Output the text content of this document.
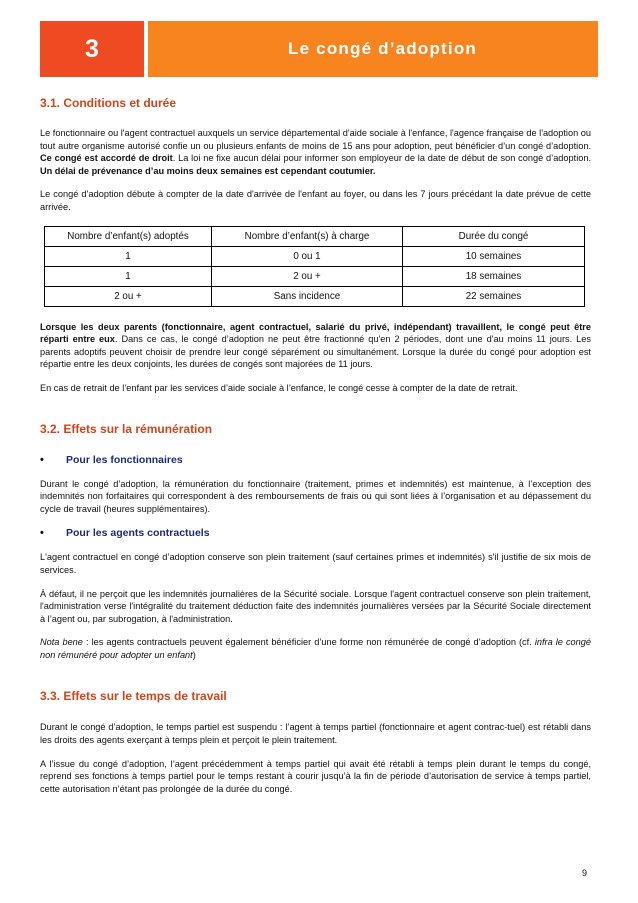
3	Le congé d’adoption
3.1. Conditions et durée

Le fonctionnaire ou l'agent contractuel auxquels un service départemental d'aide sociale à l'enfance, l'agence française de l'adoption ou tout autre organisme autorisé confie un ou plusieurs enfants de moins de 15 ans pour adoption, peut bénéficier d’un congé d’adoption. Ce congé est accordé de droit. La loi ne fixe aucun délai pour informer son employeur de la date de début de son congé d’adoption. Un délai de prévenance d’au moins deux semaines est cependant coutumier.

Le congé d’adoption débute à compter de la date d'arrivée de l'enfant au foyer, ou dans les 7 jours précédant la date prévue de cette arrivée.

Nombre d’enfant(s) adoptés	Nombre d’enfant(s) à charge	Durée du congé
1	0 ou 1	10 semaines
1	2 ou +	18 semaines
2 ou +	Sans incidence	22 semaines

Lorsque les deux parents (fonctionnaire, agent contractuel, salarié du privé, indépendant) travaillent, le congé peut être réparti entre eux. Dans ce cas, le congé d’adoption ne peut être fractionné qu'en 2 périodes, dont une d'au moins 11 jours. Les parents adoptifs peuvent choisir de prendre leur congé séparément ou simultanément. Lorsque la durée du congé pour adoption est répartie entre les deux conjoints, les durées de congés sont majorées de 11 jours.

En cas de retrait de l’enfant par les services d’aide sociale à l’enfance, le congé cesse à compter de la date de retrait.

3.2. Effets sur la rémunération
•	Pour les fonctionnaires

Durant le congé d’adoption, la rémunération du fonctionnaire (traitement, primes et indemnités) est maintenue, à l’exception des indemnités non forfaitaires qui correspondent à des remboursements de frais ou qui sont liées à l’organisation et au dépassement du cycle de travail (heures supplémentaires).

•	Pour les agents contractuels

L'agent contractuel en congé d’adoption conserve son plein traitement (sauf certaines primes et indemnités) s'il justifie de six mois de services.

À défaut, il ne perçoit que les indemnités journalières de la Sécurité sociale. Lorsque l'agent contractuel conserve son plein traitement, l'administration verse l'intégralité du traitement déduction faite des indemnités journalières versées par la Sécurité Sociale directement à l’agent ou, par subrogation, à l'administration.

Nota bene : les agents contractuels peuvent également bénéficier d’une forme non rémunérée de congé d’adoption (cf. infra le congé non rémunéré pour adopter un enfant)

3.3. Effets sur le temps de travail

Durant le congé d’adoption, le temps partiel est suspendu : l’agent à temps partiel (fonctionnaire et agent contrac-tuel) est rétabli dans les droits des agents exerçant à temps plein et perçoit le plein traitement.

A l’issue du congé d’adoption, l’agent précédemment à temps partiel qui avait été rétabli à temps plein durant le temps du congé, reprend ses fonctions à temps partiel pour le temps restant à courir jusqu’à la fin de période d’autorisation de service à temps partiel, cette autorisation n’étant pas prolongée de la durée du congé.

9
